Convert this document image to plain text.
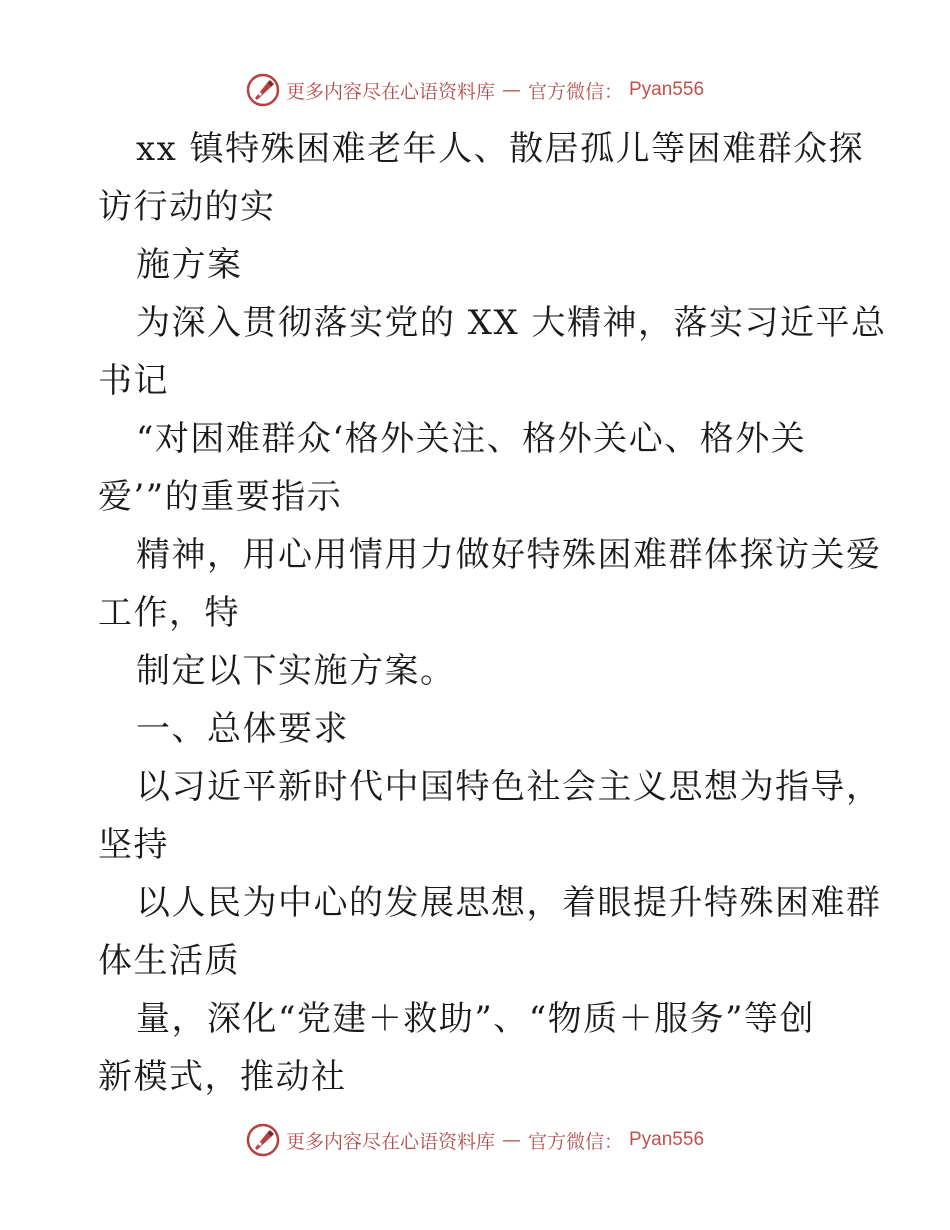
更多内容尽在心语资料库 — 官方微信： Pyan556
xx 镇特殊困难老年人、散居孤儿等困难群众探
访行动的实
施方案
为深入贯彻落实党的 XX 大精神，落实习近平总
书记
“对困难群众‘格外关注、格外关心、格外关
爱’”的重要指示
精神，用心用情用力做好特殊困难群体探访关爱
工作，特
制定以下实施方案。
一、总体要求
以习近平新时代中国特色社会主义思想为指导，
坚持
以人民为中心的发展思想，着眼提升特殊困难群
体生活质
量，深化“党建＋救助”、“物质＋服务”等创
新模式，推动社
更多内容尽在心语资料库 — 官方微信： Pyan556
